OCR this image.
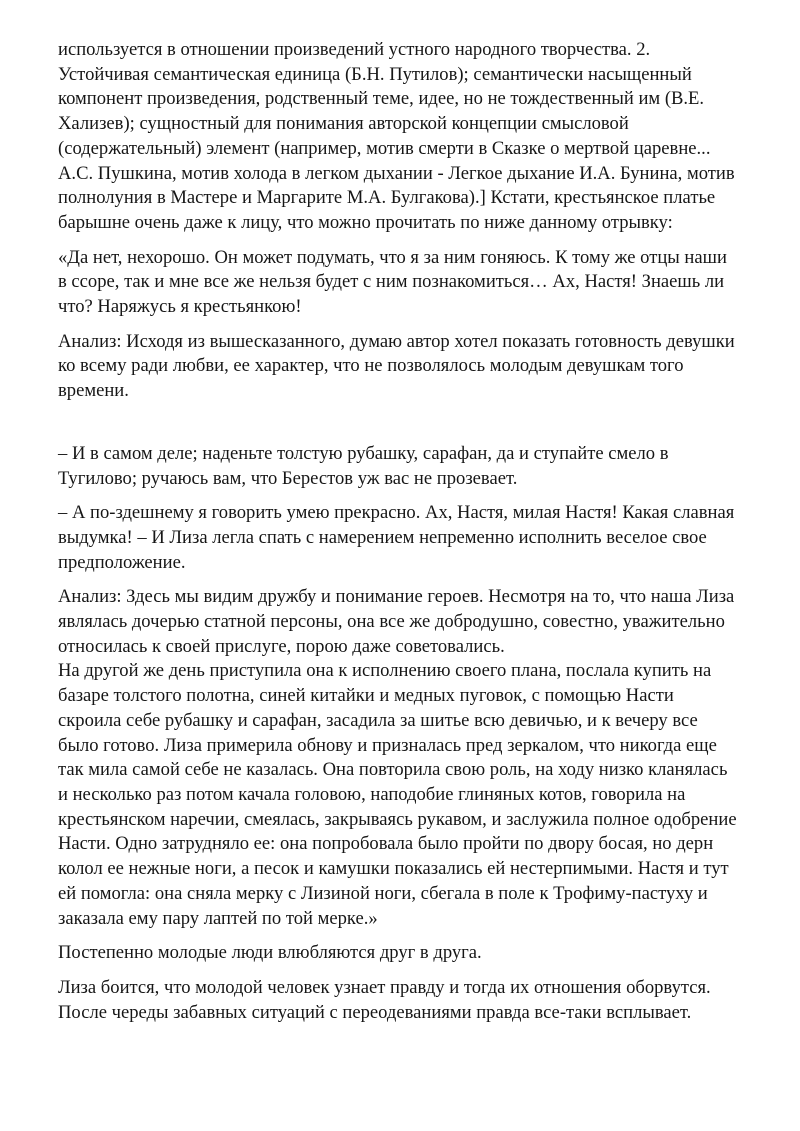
используется в отношении произведений устного народного творчества. 2. Устойчивая семантическая единица (Б.Н. Путилов); семантически насыщенный компонент произведения, родственный теме, идее, но не тождественный им (В.Е. Хализев); сущностный для понимания авторской концепции смысловой (содержательный) элемент (например, мотив смерти в Сказке о мертвой царевне... А.С. Пушкина, мотив холода в легком дыхании - Легкое дыхание И.А. Бунина, мотив полнолуния в Мастере и Маргарите М.А. Булгакова).] Кстати, крестьянское платье барышне очень даже к лицу, что можно прочитать по ниже данному отрывку:

«Да нет, нехорошо. Он может подумать, что я за ним гоняюсь. К тому же отцы наши в ссоре, так и мне все же нельзя будет с ним познакомиться… Ах, Настя! Знаешь ли что? Наряжусь я крестьянкою!

Анализ: Исходя из вышесказанного, думаю автор хотел показать готовность девушки ко всему ради любви, ее характер, что не позволялось молодым девушкам того времени.

– И в самом деле; наденьте толстую рубашку, сарафан, да и ступайте смело в Тугилово; ручаюсь вам, что Берестов уж вас не прозевает.

– А по-здешнему я говорить умею прекрасно. Ах, Настя, милая Настя! Какая славная выдумка! – И Лиза легла спать с намерением непременно исполнить веселое свое предположение.

Анализ: Здесь мы видим дружбу и понимание героев. Несмотря на то, что наша Лиза являлась дочерью статной персоны, она все же добродушно, совестно, уважительно относилась к своей прислуге, порою даже советовались.

На другой же день приступила она к исполнению своего плана, послала купить на базаре толстого полотна, синей китайки и медных пуговок, с помощью Насти скроила себе рубашку и сарафан, засадила за шитье всю девичью, и к вечеру все было готово. Лиза примерила обнову и призналась пред зеркалом, что никогда еще так мила самой себе не казалась. Она повторила свою роль, на ходу низко кланялась и несколько раз потом качала головою, наподобие глиняных котов, говорила на крестьянском наречии, смеялась, закрываясь рукавом, и заслужила полное одобрение Насти. Одно затрудняло ее: она попробовала было пройти по двору босая, но дерн колол ее нежные ноги, а песок и камушки показались ей нестерпимыми. Настя и тут ей помогла: она сняла мерку с Лизиной ноги, сбегала в поле к Трофиму-пастуху и заказала ему пару лаптей по той мерке.»

Постепенно молодые люди влюбляются друг в друга.

Лиза боится, что молодой человек узнает правду и тогда их отношения оборвутся. После череды забавных ситуаций с переодеваниями правда все-таки всплывает.
